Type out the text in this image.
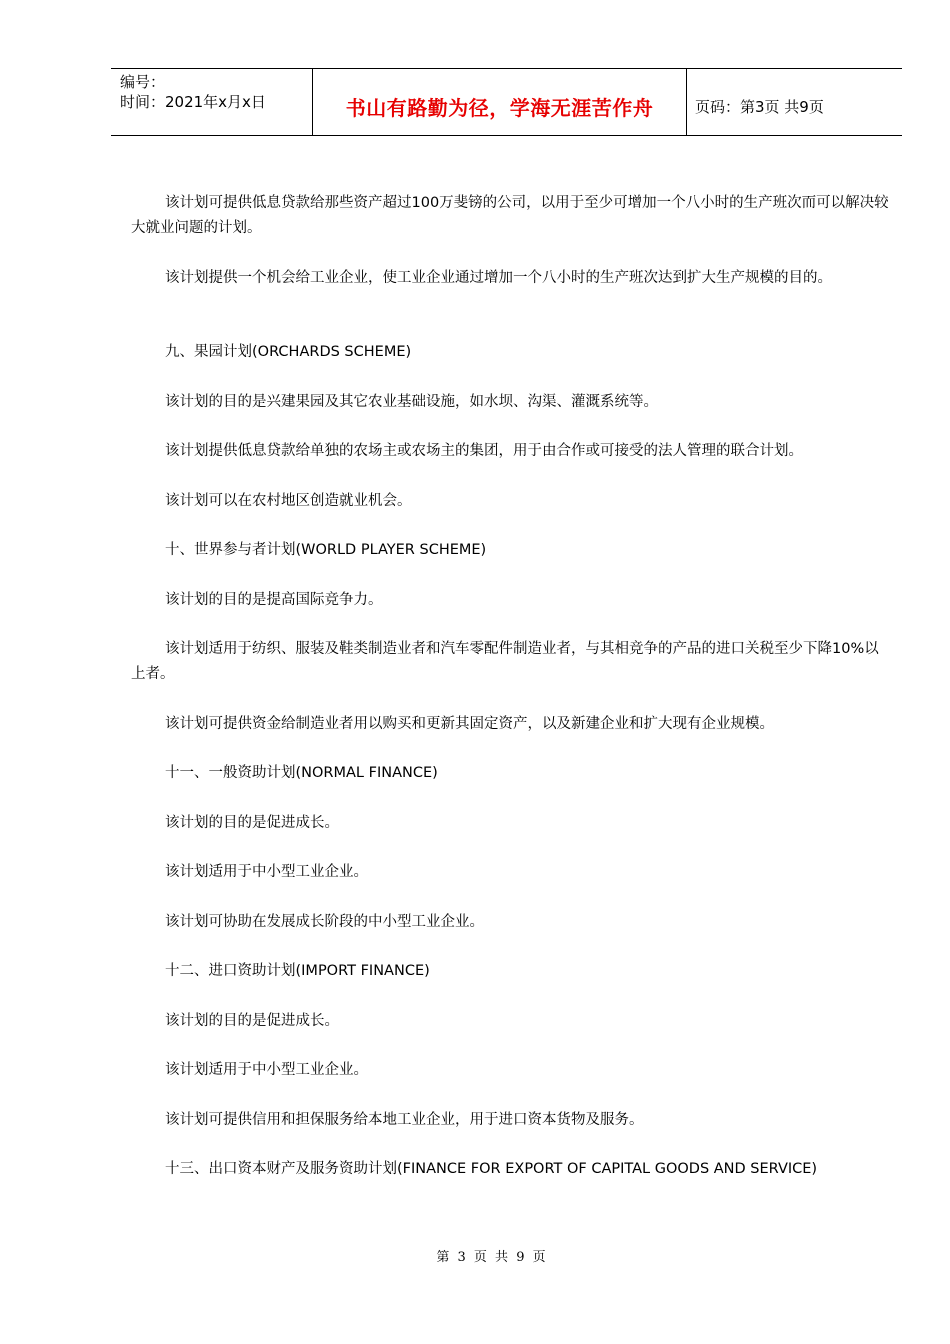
编号：
时间：2021年x月x日	书山有路勤为径，学海无涯苦作舟	页码：第3页 共9页

该计划可提供低息贷款给那些资产超过100万斐镑的公司，以用于至少可增加一个八小时的生产班次而可以解决较大就业问题的计划。

该计划提供一个机会给工业企业，使工业企业通过增加一个八小时的生产班次达到扩大生产规模的目的。

九、果园计划(ORCHARDS SCHEME)

该计划的目的是兴建果园及其它农业基础设施，如水坝、沟渠、灌溉系统等。

该计划提供低息贷款给单独的农场主或农场主的集团，用于由合作或可接受的法人管理的联合计划。

该计划可以在农村地区创造就业机会。

十、世界参与者计划(WORLD PLAYER SCHEME)

该计划的目的是提高国际竞争力。

该计划适用于纺织、服装及鞋类制造业者和汽车零配件制造业者，与其相竞争的产品的进口关税至少下降10%以上者。

该计划可提供资金给制造业者用以购买和更新其固定资产，以及新建企业和扩大现有企业规模。

十一、一般资助计划(NORMAL FINANCE)

该计划的目的是促进成长。

该计划适用于中小型工业企业。

该计划可协助在发展成长阶段的中小型工业企业。

十二、进口资助计划(IMPORT FINANCE)

该计划的目的是促进成长。

该计划适用于中小型工业企业。

该计划可提供信用和担保服务给本地工业企业，用于进口资本货物及服务。

十三、出口资本财产及服务资助计划(FINANCE FOR EXPORT OF CAPITAL GOODS AND SERVICE)

第 3 页 共 9 页
